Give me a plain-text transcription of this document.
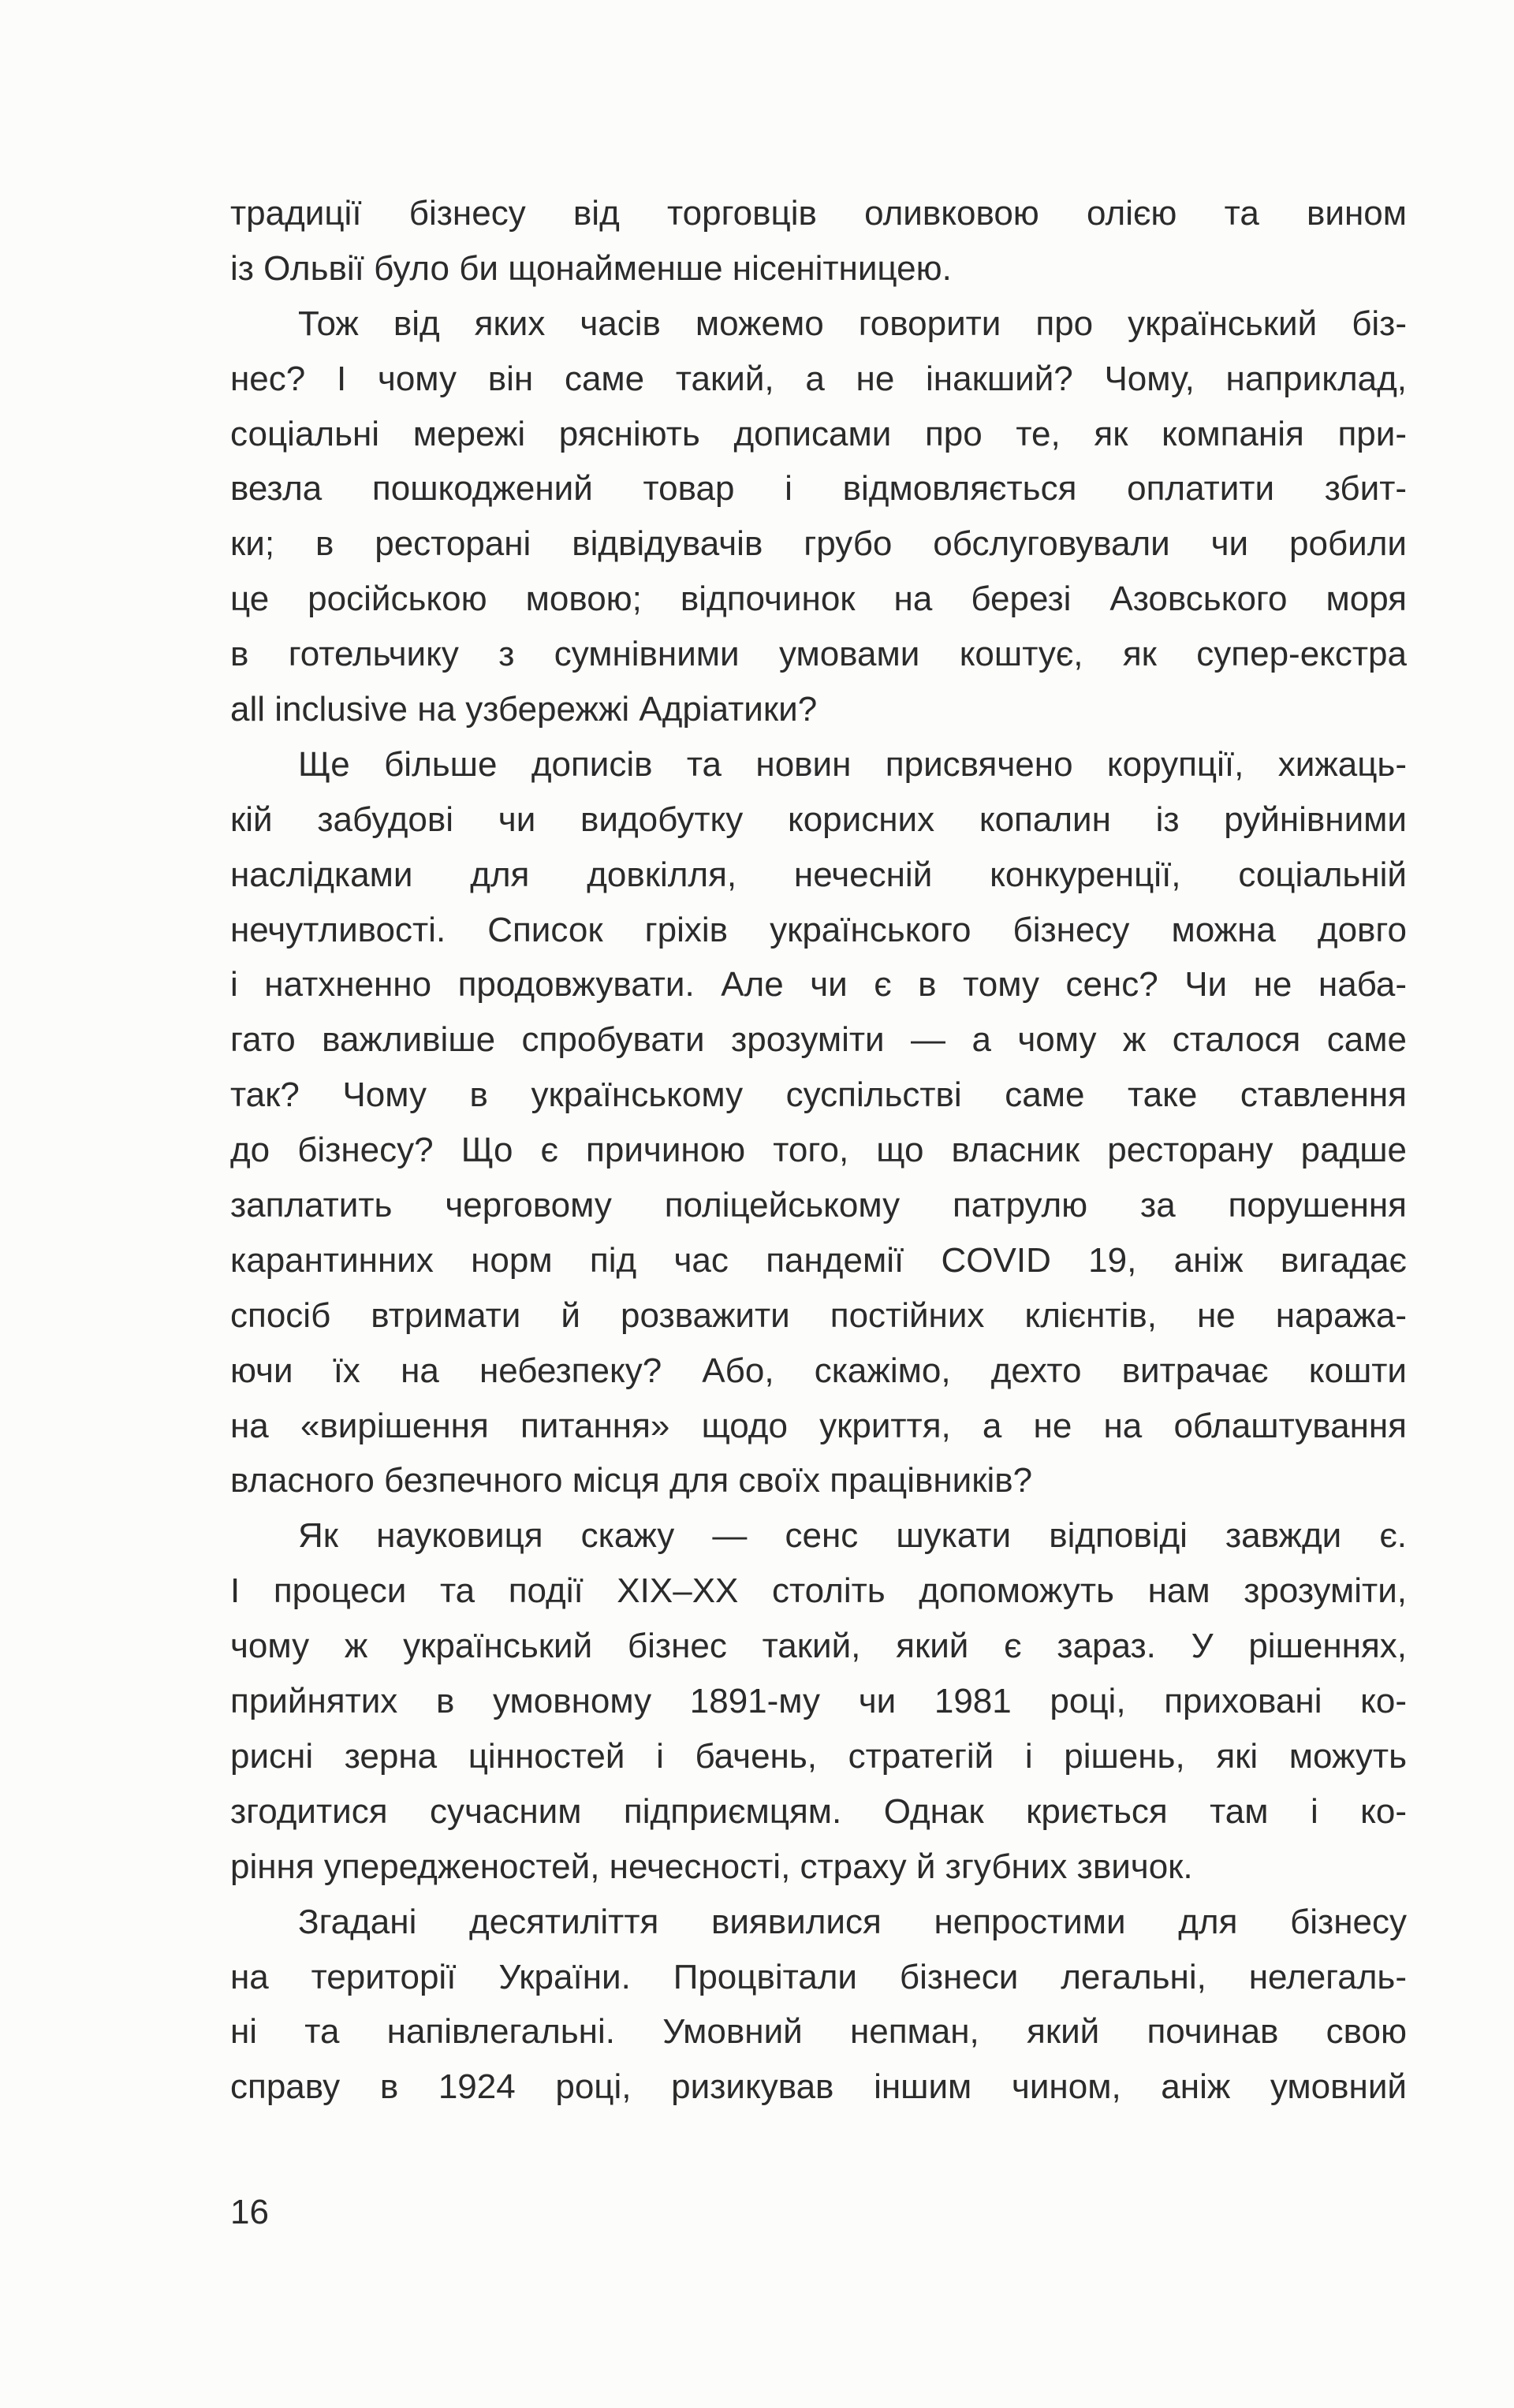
традиції бізнесу від торговців оливковою олією та вином
із Ольвії було би щонайменше нісенітницею.
Тож від яких часів можемо говорити про український біз-
нес? І чому він саме такий, а не інакший? Чому, наприклад,
соціальні мережі рясніють дописами про те, як компанія при-
везла пошкоджений товар і відмовляється оплатити збит-
ки; в ресторані відвідувачів грубо обслуговували чи робили
це російською мовою; відпочинок на березі Азовського моря
в готельчику з сумнівними умовами коштує, як супер-екстра
all inclusive на узбережжі Адріатики?
Ще більше дописів та новин присвячено корупції, хижаць-
кій забудові чи видобутку корисних копалин із руйнівними
наслідками для довкілля, нечесній конкуренції, соціальній
нечутливості. Список гріхів українського бізнесу можна довго
і натхненно продовжувати. Але чи є в тому сенс? Чи не наба-
гато важливіше спробувати зрозуміти — а чому ж сталося саме
так? Чому в українському суспільстві саме таке ставлення
до бізнесу? Що є причиною того, що власник ресторану радше
заплатить черговому поліцейському патрулю за порушення
карантинних норм під час пандемії COVID 19, аніж вигадає
спосіб втримати й розважити постійних клієнтів, не наража-
ючи їх на небезпеку? Або, скажімо, дехто витрачає кошти
на «вирішення питання» щодо укриття, а не на облаштування
власного безпечного місця для своїх працівників?
Як науковиця скажу — сенс шукати відповіді завжди є.
І процеси та події XIX–XX століть допоможуть нам зрозуміти,
чому ж український бізнес такий, який є зараз. У рішеннях,
прийнятих в умовному 1891-му чи 1981 році, приховані ко-
рисні зерна цінностей і бачень, стратегій і рішень, які можуть
згодитися сучасним підприємцям. Однак криється там і ко-
ріння упередженостей, нечесності, страху й згубних звичок.
Згадані десятиліття виявилися непростими для бізнесу
на території України. Процвітали бізнеси легальні, нелегаль-
ні та напівлегальні. Умовний непман, який починав свою
справу в 1924 році, ризикував іншим чином, аніж умовний
16
